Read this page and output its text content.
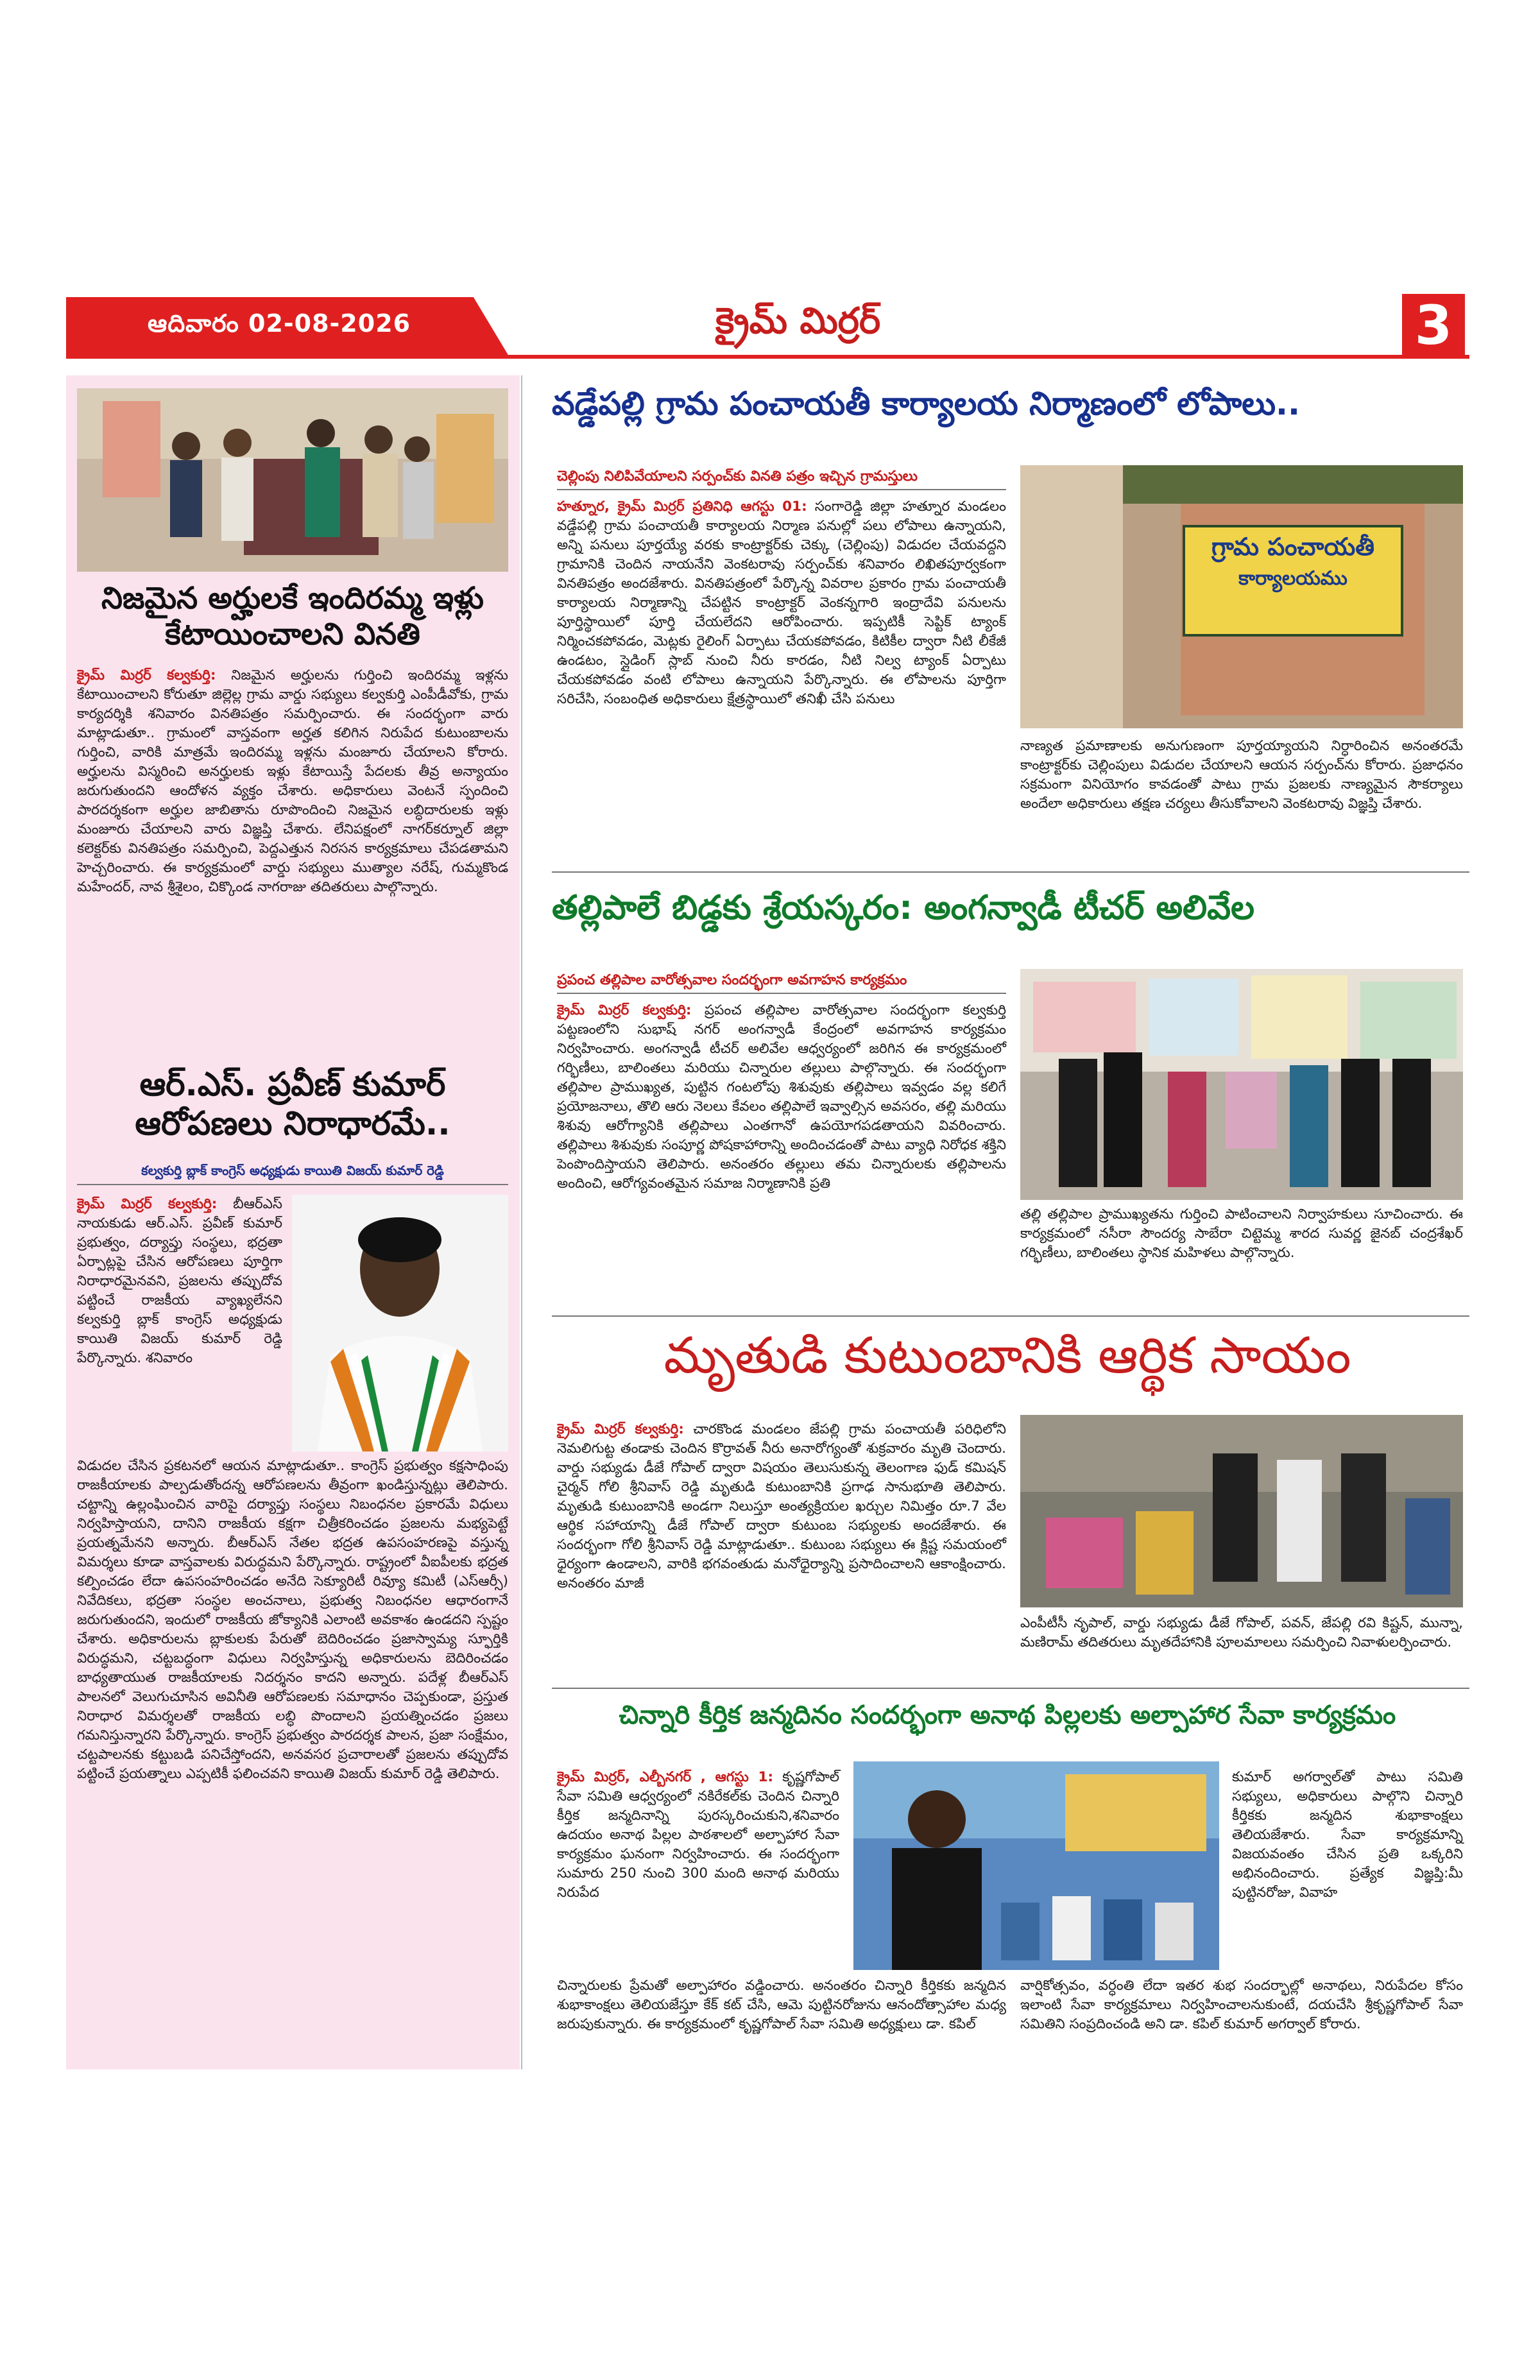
ఆదివారం 02-08-2026	క్రైమ్ మిర్రర్	3
నిజమైన అర్హులకే ఇందిరమ్మ ఇళ్లు కేటాయించాలని వినతి
క్రైమ్ మిర్రర్ కల్వకుర్తి: నిజమైన అర్హులను గుర్తించి ఇందిరమ్మ ఇళ్లను కేటాయించాలని కోరుతూ జిల్లెల్ల గ్రామ వార్డు సభ్యులు కల్వకుర్తి ఎంపీడీవోకు, గ్రామ కార్యదర్శికి శనివారం వినతిపత్రం సమర్పించారు. ఈ సందర్భంగా వారు మాట్లాడుతూ.. గ్రామంలో వాస్తవంగా అర్హత కలిగిన నిరుపేద కుటుంబాలను గుర్తించి, వారికి మాత్రమే ఇందిరమ్మ ఇళ్లను మంజూరు చేయాలని కోరారు. అర్హులను విస్మరించి అనర్హులకు ఇళ్లు కేటాయిస్తే పేదలకు తీవ్ర అన్యాయం జరుగుతుందని ఆందోళన వ్యక్తం చేశారు. అధికారులు వెంటనే స్పందించి పారదర్శకంగా అర్హుల జాబితాను రూపొందించి నిజమైన లబ్ధిదారులకు ఇళ్లు మంజూరు చేయాలని వారు విజ్ఞప్తి చేశారు. లేనిపక్షంలో నాగర్‌కర్నూల్ జిల్లా కలెక్టర్‌కు వినతిపత్రం సమర్పించి, పెద్దఎత్తున నిరసన కార్యక్రమాలు చేపడతామని హెచ్చరించారు. ఈ కార్యక్రమంలో వార్డు సభ్యులు ముత్యాల నరేష్, గుమ్మకొండ మహేందర్, నావ శ్రీశైలం, చిక్కొండ నాగరాజు తదితరులు పాల్గొన్నారు.
ఆర్.ఎస్. ప్రవీణ్ కుమార్ ఆరోపణలు నిరాధారమే..
కల్వకుర్తి బ్లాక్ కాంగ్రెస్ అధ్యక్షుడు కాయితి విజయ్ కుమార్ రెడ్డి
క్రైమ్ మిర్రర్ కల్వకుర్తి: బీఆర్ఎస్ నాయకుడు ఆర్.ఎస్. ప్రవీణ్ కుమార్ ప్రభుత్వం, దర్యాప్తు సంస్థలు, భద్రతా ఏర్పాట్లపై చేసిన ఆరోపణలు పూర్తిగా నిరాధారమైనవని, ప్రజలను తప్పుదోవ పట్టించే రాజకీయ వ్యాఖ్యలేనని కల్వకుర్తి బ్లాక్ కాంగ్రెస్ అధ్యక్షుడు కాయితి విజయ్ కుమార్ రెడ్డి పేర్కొన్నారు. శనివారం
విడుదల చేసిన ప్రకటనలో ఆయన మాట్లాడుతూ.. కాంగ్రెస్ ప్రభుత్వం కక్షసాధింపు రాజకీయాలకు పాల్పడుతోందన్న ఆరోపణలను తీవ్రంగా ఖండిస్తున్నట్లు తెలిపారు. చట్టాన్ని ఉల్లంఘించిన వారిపై దర్యాప్తు సంస్థలు నిబంధనల ప్రకారమే విధులు నిర్వహిస్తాయని, దానిని రాజకీయ కక్షగా చిత్రీకరించడం ప్రజలను మభ్యపెట్టే ప్రయత్నమేనని అన్నారు. బీఆర్ఎస్ నేతల భద్రత ఉపసంహరణపై వస్తున్న విమర్శలు కూడా వాస్తవాలకు విరుద్ధమని పేర్కొన్నారు. రాష్ట్రంలో వీఐపీలకు భద్రత కల్పించడం లేదా ఉపసంహరించడం అనేది సెక్యూరిటీ రివ్యూ కమిటీ (ఎస్ఆర్సీ) నివేదికలు, భద్రతా సంస్థల అంచనాలు, ప్రభుత్వ నిబంధనల ఆధారంగానే జరుగుతుందని, ఇందులో రాజకీయ జోక్యానికి ఎలాంటి అవకాశం ఉండదని స్పష్టం చేశారు. అధికారులను బ్లాకులకు పేరుతో బెదిరించడం ప్రజాస్వామ్య స్ఫూర్తికి విరుద్ధమని, చట్టబద్ధంగా విధులు నిర్వహిస్తున్న అధికారులను బెదిరించడం బాధ్యతాయుత రాజకీయాలకు నిదర్శనం కాదని అన్నారు. పదేళ్ల బీఆర్ఎస్ పాలనలో వెలుగుచూసిన అవినీతి ఆరోపణలకు సమాధానం చెప్పకుండా, ప్రస్తుత నిరాధార విమర్శలతో రాజకీయ లబ్ధి పొందాలని ప్రయత్నించడం ప్రజలు గమనిస్తున్నారని పేర్కొన్నారు. కాంగ్రెస్ ప్రభుత్వం పారదర్శక పాలన, ప్రజా సంక్షేమం, చట్టపాలనకు కట్టుబడి పనిచేస్తోందని, అనవసర ప్రచారాలతో ప్రజలను తప్పుదోవ పట్టించే ప్రయత్నాలు ఎప్పటికీ ఫలించవని కాయితి విజయ్ కుమార్ రెడ్డి తెలిపారు.
వడ్డేపల్లి గ్రామ పంచాయతీ కార్యాలయ నిర్మాణంలో లోపాలు..
చెల్లింపు నిలిపివేయాలని సర్పంచ్‌కు వినతి పత్రం ఇచ్చిన గ్రామస్తులు
హత్నూర, క్రైమ్ మిర్రర్ ప్రతినిధి ఆగస్టు 01: సంగారెడ్డి జిల్లా హత్నూర మండలం వడ్డేపల్లి గ్రామ పంచాయతీ కార్యాలయ నిర్మాణ పనుల్లో పలు లోపాలు ఉన్నాయని, అన్ని పనులు పూర్తయ్యే వరకు కాంట్రాక్టర్‌కు చెక్కు (చెల్లింపు) విడుదల చేయవద్దని గ్రామానికి చెందిన నాయనేని వెంకటరావు సర్పంచ్‌కు శనివారం లిఖితపూర్వకంగా వినతిపత్రం అందజేశారు. వినతిపత్రంలో పేర్కొన్న వివరాల ప్రకారం గ్రామ పంచాయతీ కార్యాలయ నిర్మాణాన్ని చేపట్టిన కాంట్రాక్టర్ వెంకన్నగారి ఇంద్రాదేవి పనులను పూర్తిస్థాయిలో పూర్తి చేయలేదని ఆరోపించారు. ఇప్పటికీ సెప్టిక్ ట్యాంక్ నిర్మించకపోవడం, మెట్లకు రైలింగ్ ఏర్పాటు చేయకపోవడం, కిటికీల ద్వారా నీటి లీకేజీ ఉండటం, స్లైడింగ్ స్లాబ్ నుంచి నీరు కారడం, నీటి నిల్వ ట్యాంక్ ఏర్పాటు చేయకపోవడం వంటి లోపాలు ఉన్నాయని పేర్కొన్నారు. ఈ లోపాలను పూర్తిగా సరిచేసి, సంబంధిత అధికారులు క్షేత్రస్థాయిలో తనిఖీ చేసి పనులు
గ్రామ పంచాయతీ
కార్యాలయము
నాణ్యత ప్రమాణాలకు అనుగుణంగా పూర్తయ్యాయని నిర్ధారించిన అనంతరమే కాంట్రాక్టర్‌కు చెల్లింపులు విడుదల చేయాలని ఆయన సర్పంచ్‌ను కోరారు. ప్రజాధనం సక్రమంగా వినియోగం కావడంతో పాటు గ్రామ ప్రజలకు నాణ్యమైన సౌకర్యాలు అందేలా అధికారులు తక్షణ చర్యలు తీసుకోవాలని వెంకటరావు విజ్ఞప్తి చేశారు.
తల్లిపాలే బిడ్డకు శ్రేయస్కరం: అంగన్వాడీ టీచర్ అలివేల
ప్రపంచ తల్లిపాల వారోత్సవాల సందర్భంగా అవగాహన కార్యక్రమం
క్రైమ్ మిర్రర్ కల్వకుర్తి: ప్రపంచ తల్లిపాల వారోత్సవాల సందర్భంగా కల్వకుర్తి పట్టణంలోని సుభాష్ నగర్ అంగన్వాడీ కేంద్రంలో అవగాహన కార్యక్రమం నిర్వహించారు. అంగన్వాడీ టీచర్ అలివేల ఆధ్వర్యంలో జరిగిన ఈ కార్యక్రమంలో గర్భిణీలు, బాలింతలు మరియు చిన్నారుల తల్లులు పాల్గొన్నారు. ఈ సందర్భంగా తల్లిపాల ప్రాముఖ్యత, పుట్టిన గంటలోపు శిశువుకు తల్లిపాలు ఇవ్వడం వల్ల కలిగే ప్రయోజనాలు, తొలి ఆరు నెలలు కేవలం తల్లిపాలే ఇవ్వాల్సిన అవసరం, తల్లి మరియు శిశువు ఆరోగ్యానికి తల్లిపాలు ఎంతగానో ఉపయోగపడతాయని వివరించారు. తల్లిపాలు శిశువుకు సంపూర్ణ పోషకాహారాన్ని అందించడంతో పాటు వ్యాధి నిరోధక శక్తిని పెంపొందిస్తాయని తెలిపారు. అనంతరం తల్లులు తమ చిన్నారులకు తల్లిపాలను అందించి, ఆరోగ్యవంతమైన సమాజ నిర్మాణానికి ప్రతి
తల్లి తల్లిపాల ప్రాముఖ్యతను గుర్తించి పాటించాలని నిర్వాహకులు సూచించారు. ఈ కార్యక్రమంలో నసీరా సౌందర్య సాబేరా చిట్టెమ్మ శారద సువర్ణ జైనబ్ చంద్రశేఖర్ గర్భిణీలు, బాలింతలు స్థానిక మహిళలు పాల్గొన్నారు.
మృతుడి కుటుంబానికి ఆర్థిక సాయం
క్రైమ్ మిర్రర్ కల్వకుర్తి: చారకొండ మండలం జేపల్లి గ్రామ పంచాయతీ పరిధిలోని నెమలిగుట్ట తండాకు చెందిన కొర్రావత్ నీరు అనారోగ్యంతో శుక్రవారం మృతి చెందారు. వార్డు సభ్యుడు డీజే గోపాల్ ద్వారా విషయం తెలుసుకున్న తెలంగాణ ఫుడ్ కమిషన్ చైర్మన్ గోలి శ్రీనివాస్ రెడ్డి మృతుడి కుటుంబానికి ప్రగాఢ సానుభూతి తెలిపారు. మృతుడి కుటుంబానికి అండగా నిలుస్తూ అంత్యక్రియల ఖర్చుల నిమిత్తం రూ.7 వేల ఆర్థిక సహాయాన్ని డీజే గోపాల్ ద్వారా కుటుంబ సభ్యులకు అందజేశారు. ఈ సందర్భంగా గోలి శ్రీనివాస్ రెడ్డి మాట్లాడుతూ.. కుటుంబ సభ్యులు ఈ క్లిష్ట సమయంలో ధైర్యంగా ఉండాలని, వారికి భగవంతుడు మనోధైర్యాన్ని ప్రసాదించాలని ఆకాంక్షించారు. అనంతరం మాజీ
ఎంపీటీసీ నృపాల్, వార్డు సభ్యుడు డీజే గోపాల్, పవన్, జేపల్లి రవి కిష్టన్, మున్నా, మణిరామ్ తదితరులు మృతదేహానికి పూలమాలలు సమర్పించి నివాళులర్పించారు.
చిన్నారి కీర్తిక జన్మదినం సందర్భంగా అనాథ పిల్లలకు అల్పాహార సేవా కార్యక్రమం
క్రైమ్ మిర్రర్, ఎల్బీనగర్ , ఆగస్టు 1: కృష్ణగోపాల్ సేవా సమితి ఆధ్వర్యంలో నకిరేకల్‌కు చెందిన చిన్నారి కీర్తిక జన్మదినాన్ని పురస్కరించుకుని,శనివారం ఉదయం అనాథ పిల్లల పాఠశాలలో అల్పాహార సేవా కార్యక్రమం ఘనంగా నిర్వహించారు. ఈ సందర్భంగా సుమారు 250 నుంచి 300 మంది అనాథ మరియు నిరుపేద
కుమార్ అగర్వాల్‌తో పాటు సమితి సభ్యులు, అధికారులు పాల్గొని చిన్నారి కీర్తికకు జన్మదిన శుభాకాంక్షలు తెలియజేశారు. సేవా కార్యక్రమాన్ని విజయవంతం చేసిన ప్రతి ఒక్కరిని అభినందించారు. ప్రత్యేక విజ్ఞప్తి:మీ పుట్టినరోజు, వివాహ
చిన్నారులకు ప్రేమతో అల్పాహారం వడ్డించారు. అనంతరం చిన్నారి కీర్తికకు జన్మదిన శుభాకాంక్షలు తెలియజేస్తూ కేక్ కట్ చేసి, ఆమె పుట్టినరోజును ఆనందోత్సాహాల మధ్య జరుపుకున్నారు. ఈ కార్యక్రమంలో కృష్ణగోపాల్ సేవా సమితి అధ్యక్షులు డా. కపిల్
వార్షికోత్సవం, వర్ధంతి లేదా ఇతర శుభ సందర్భాల్లో అనాథలు, నిరుపేదల కోసం ఇలాంటి సేవా కార్యక్రమాలు నిర్వహించాలనుకుంటే, దయచేసి శ్రీకృష్ణగోపాల్ సేవా సమితిని సంప్రదించండి అని డా. కపిల్ కుమార్ అగర్వాల్ కోరారు.
